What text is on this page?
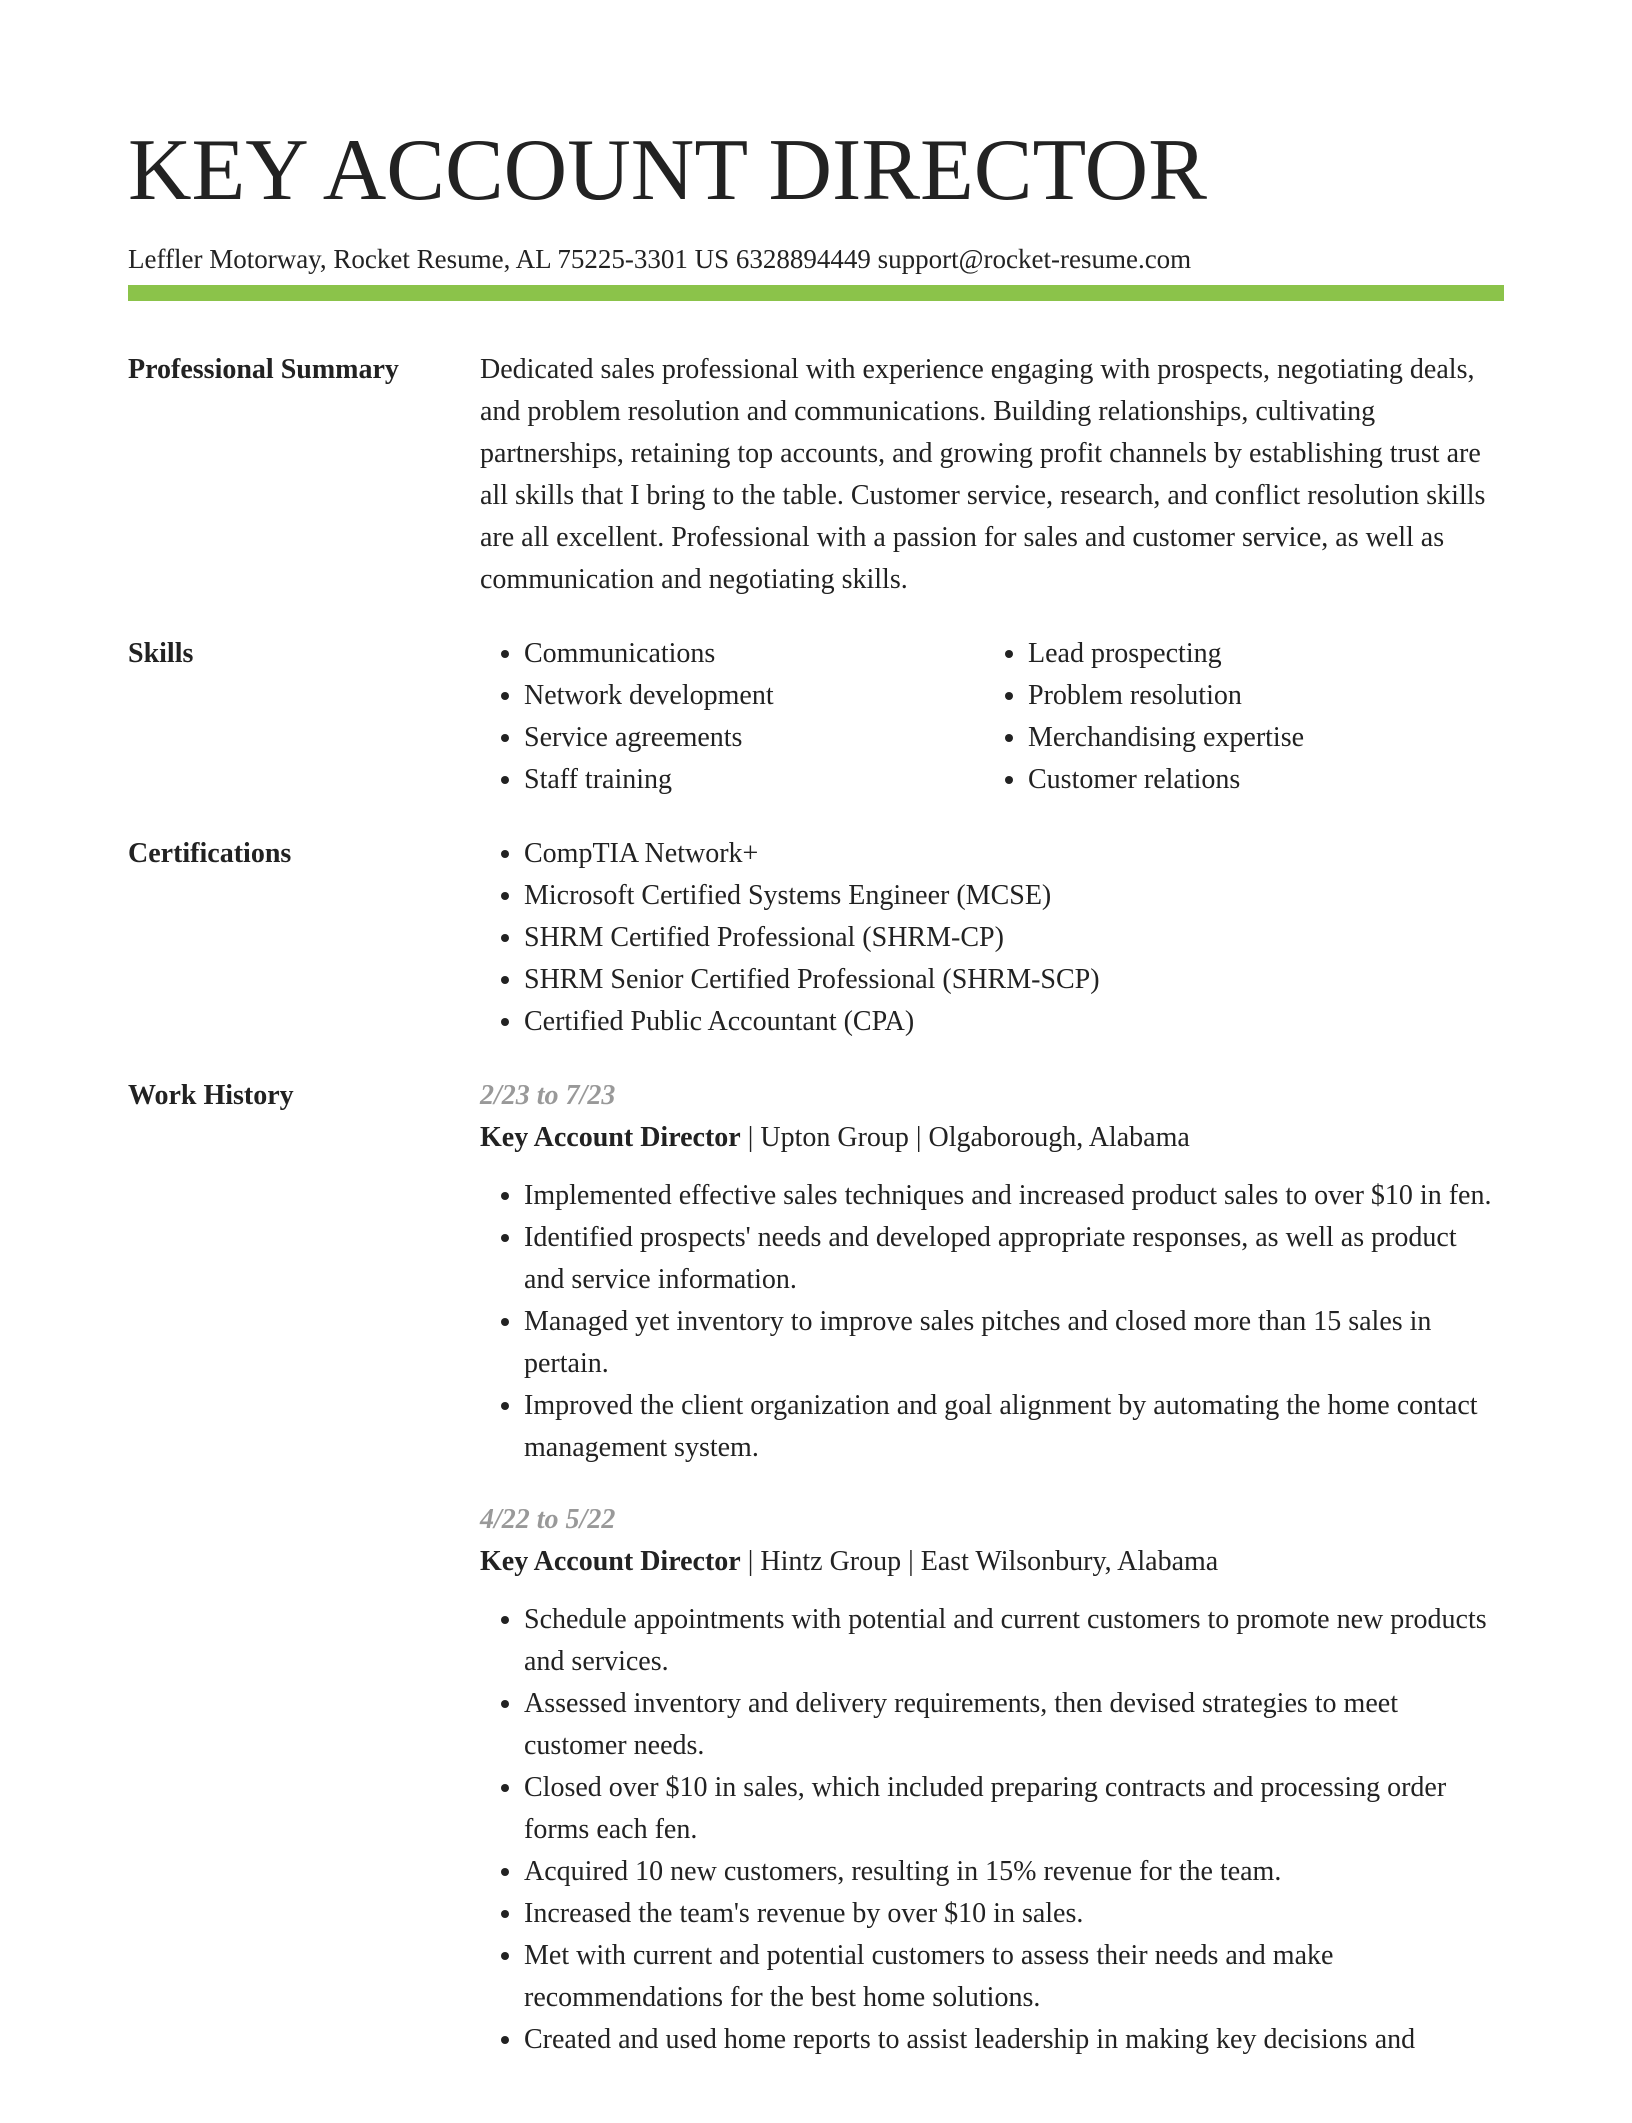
KEY ACCOUNT DIRECTOR
Leffler Motorway, Rocket Resume, AL 75225-3301 US 6328894449 support@rocket-resume.com
Professional Summary	Dedicated sales professional with experience engaging with prospects, negotiating deals, and problem resolution and communications. Building relationships, cultivating partnerships, retaining top accounts, and growing profit channels by establishing trust are all skills that I bring to the table. Customer service, research, and conflict resolution skills are all excellent. Professional with a passion for sales and customer service, as well as communication and negotiating skills.

Skills	• Communications
• Network development
• Service agreements
• Staff training
• Lead prospecting
• Problem resolution
• Merchandising expertise
• Customer relations
Certifications	• CompTIA Network+
• Microsoft Certified Systems Engineer (MCSE)
• SHRM Certified Professional (SHRM-CP)
• SHRM Senior Certified Professional (SHRM-SCP)
• Certified Public Accountant (CPA)
Work History	2/23 to 7/23
Key Account Director | Upton Group | Olgaborough, Alabama
• Implemented effective sales techniques and increased product sales to over $10 in fen.
• Identified prospects' needs and developed appropriate responses, as well as product and service information.
• Managed yet inventory to improve sales pitches and closed more than 15 sales in pertain.
• Improved the client organization and goal alignment by automating the home contact management system.
4/22 to 5/22
Key Account Director | Hintz Group | East Wilsonbury, Alabama
• Schedule appointments with potential and current customers to promote new products and services.
• Assessed inventory and delivery requirements, then devised strategies to meet customer needs.
• Closed over $10 in sales, which included preparing contracts and processing order forms each fen.
• Acquired 10 new customers, resulting in 15% revenue for the team.
• Increased the team's revenue by over $10 in sales.
• Met with current and potential customers to assess their needs and make recommendations for the best home solutions.
• Created and used home reports to assist leadership in making key decisions and
